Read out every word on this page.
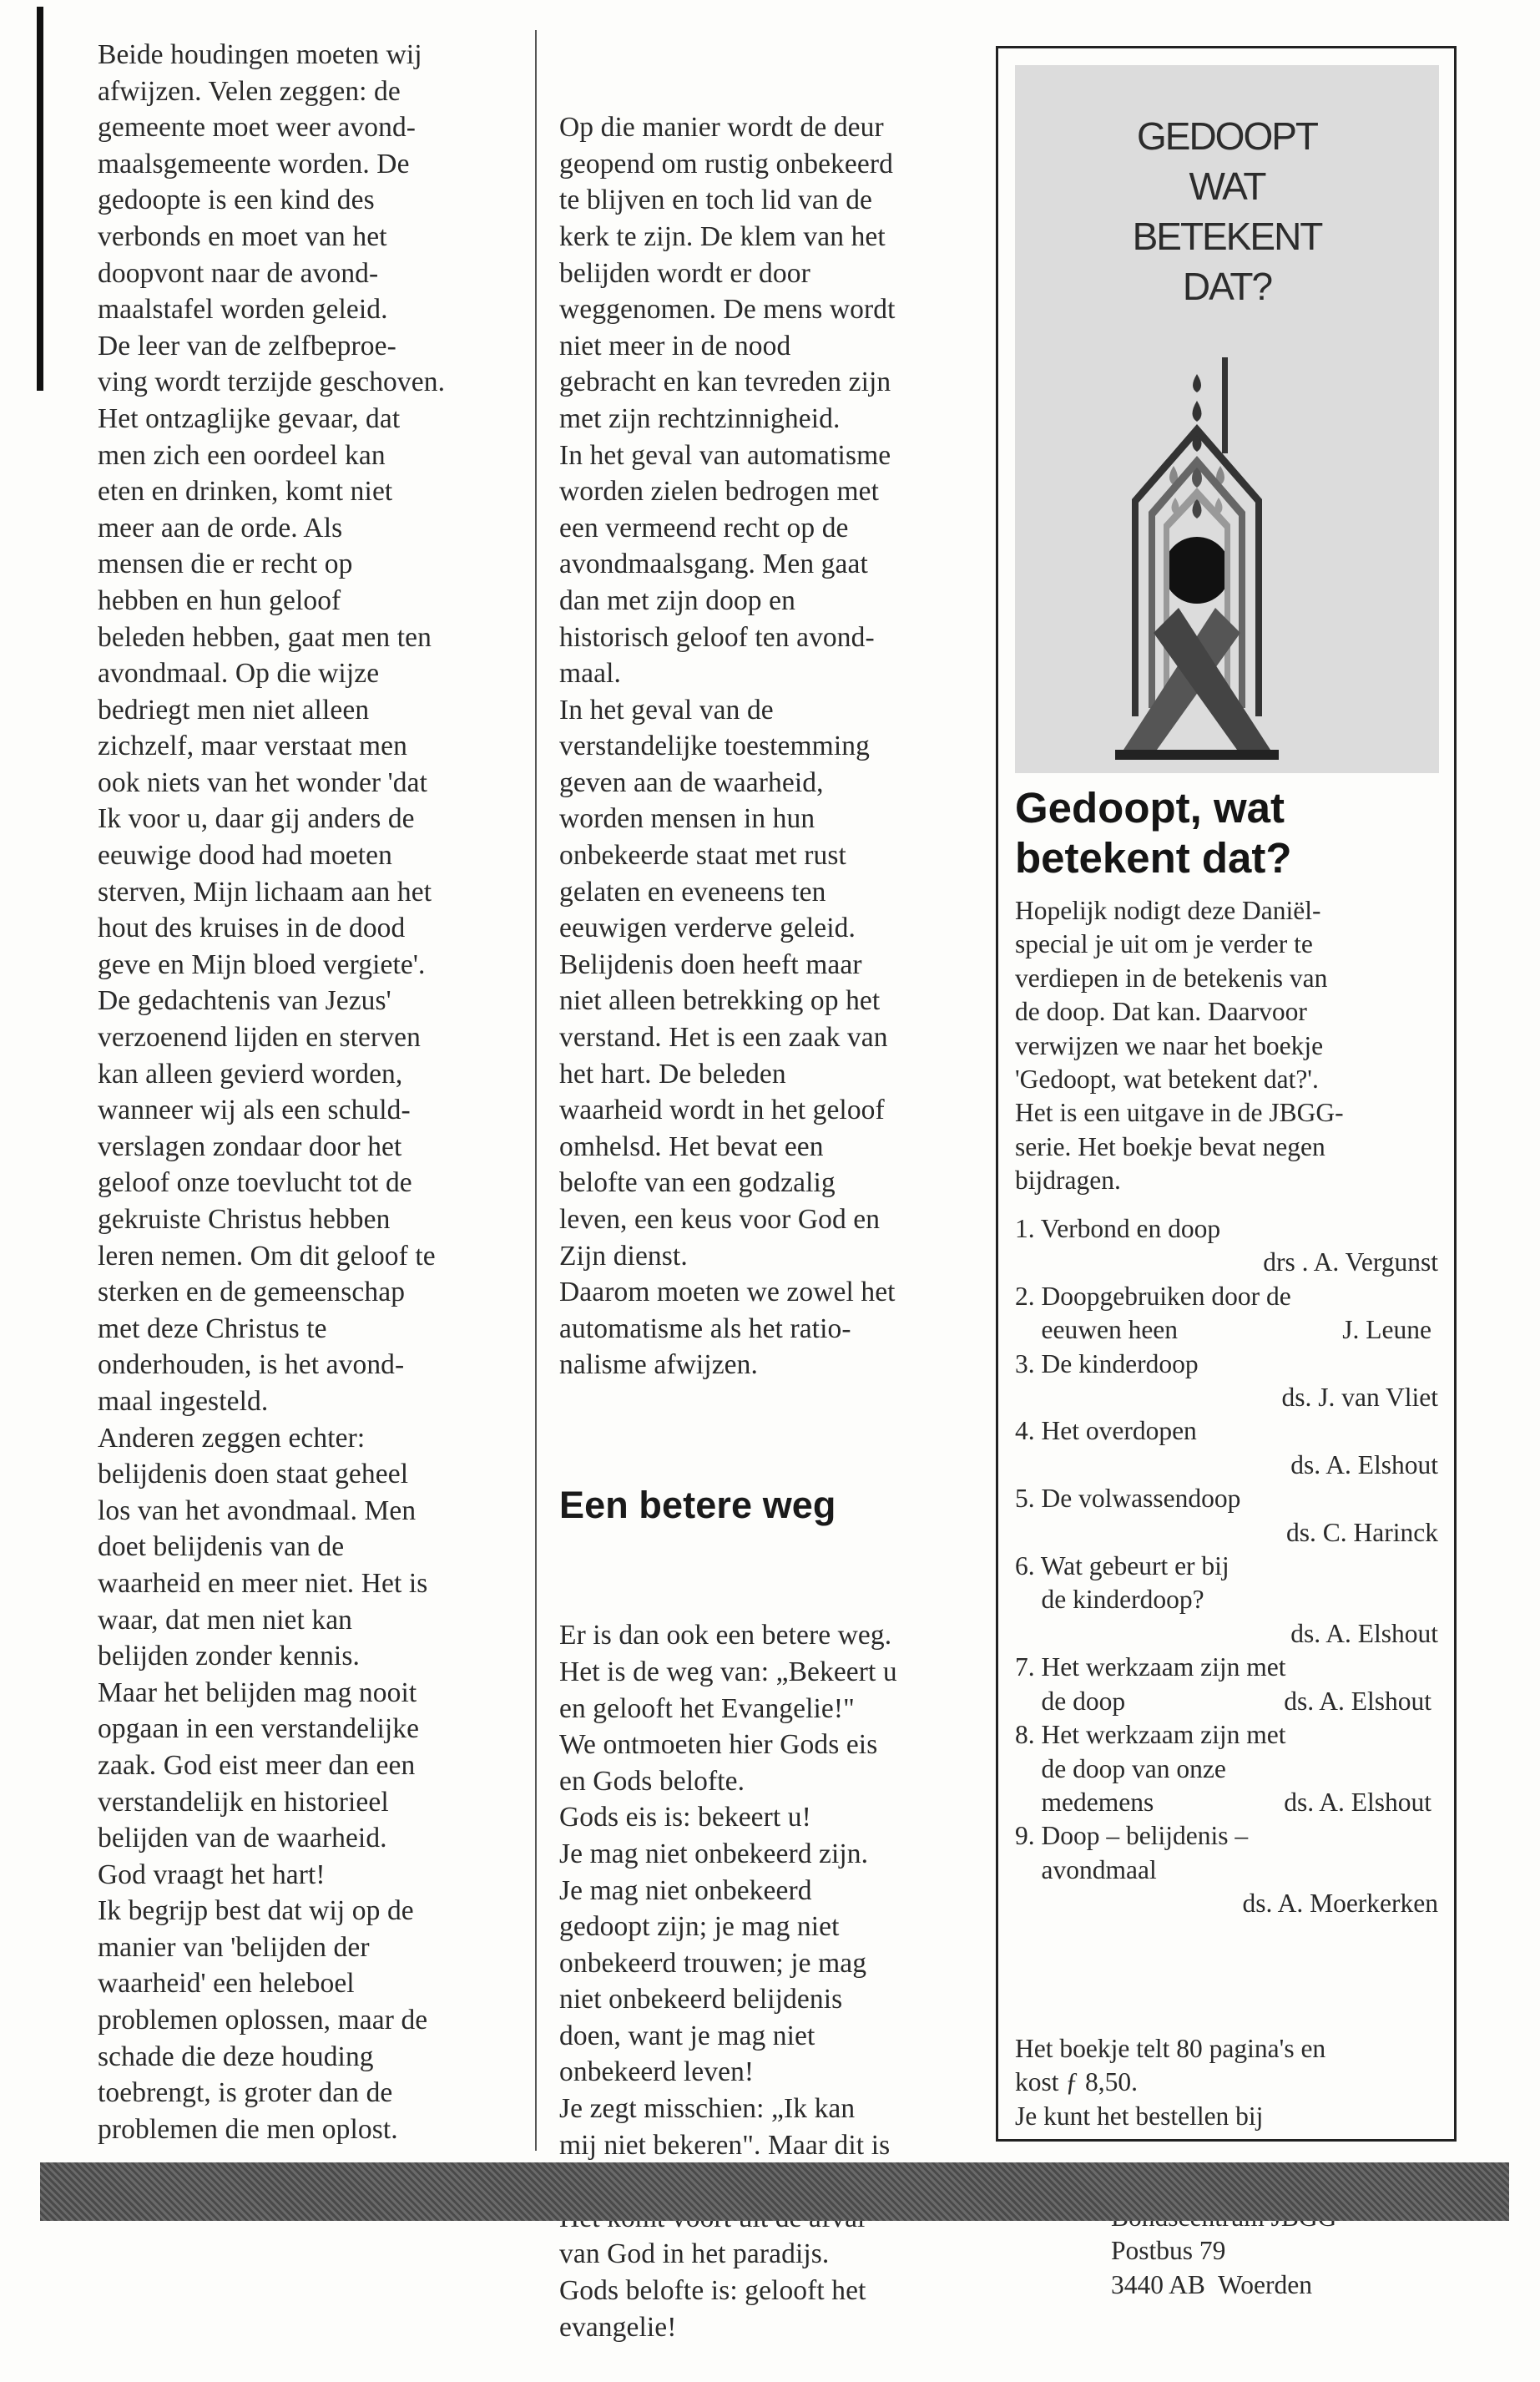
Beide houdingen moeten wij
afwijzen. Velen zeggen: de
gemeente moet weer avond-
maalsgemeente worden. De
gedoopte is een kind des
verbonds en moet van het
doopvont naar de avond-
maalstafel worden geleid.
De leer van de zelfbeproe-
ving wordt terzijde geschoven.
Het ontzaglijke gevaar, dat
men zich een oordeel kan
eten en drinken, komt niet
meer aan de orde. Als
mensen die er recht op
hebben en hun geloof
beleden hebben, gaat men ten
avondmaal. Op die wijze
bedriegt men niet alleen
zichzelf, maar verstaat men
ook niets van het wonder 'dat
Ik voor u, daar gij anders de
eeuwige dood had moeten
sterven, Mijn lichaam aan het
hout des kruises in de dood
geve en Mijn bloed vergiete'.
De gedachtenis van Jezus'
verzoenend lijden en sterven
kan alleen gevierd worden,
wanneer wij als een schuld-
verslagen zondaar door het
geloof onze toevlucht tot de
gekruiste Christus hebben
leren nemen. Om dit geloof te
sterken en de gemeenschap
met deze Christus te
onderhouden, is het avond-
maal ingesteld.
Anderen zeggen echter:
belijdenis doen staat geheel
los van het avondmaal. Men
doet belijdenis van de
waarheid en meer niet. Het is
waar, dat men niet kan
belijden zonder kennis.
Maar het belijden mag nooit
opgaan in een verstandelijke
zaak. God eist meer dan een
verstandelijk en historieel
belijden van de waarheid.
God vraagt het hart!
Ik begrijp best dat wij op de
manier van 'belijden der
waarheid' een heleboel
problemen oplossen, maar de
schade die deze houding
toebrengt, is groter dan de
problemen die men oplost.

Op die manier wordt de deur
geopend om rustig onbekeerd
te blijven en toch lid van de
kerk te zijn. De klem van het
belijden wordt er door
weggenomen. De mens wordt
niet meer in de nood
gebracht en kan tevreden zijn
met zijn rechtzinnigheid.
In het geval van automatisme
worden zielen bedrogen met
een vermeend recht op de
avondmaalsgang. Men gaat
dan met zijn doop en
historisch geloof ten avond-
maal.
In het geval van de
verstandelijke toestemming
geven aan de waarheid,
worden mensen in hun
onbekeerde staat met rust
gelaten en eveneens ten
eeuwigen verderve geleid.
Belijdenis doen heeft maar
niet alleen betrekking op het
verstand. Het is een zaak van
het hart. De beleden
waarheid wordt in het geloof
omhelsd. Het bevat een
belofte van een godzalig
leven, een keus voor God en
Zijn dienst.
Daarom moeten we zowel het
automatisme als het ratio-
nalisme afwijzen.

Een betere weg

Er is dan ook een betere weg.
Het is de weg van: „Bekeert u
en gelooft het Evangelie!"
We ontmoeten hier Gods eis
en Gods belofte.
Gods eis is: bekeert u!
Je mag niet onbekeerd zijn.
Je mag niet onbekeerd
gedoopt zijn; je mag niet
onbekeerd trouwen; je mag
niet onbekeerd belijdenis
doen, want je mag niet
onbekeerd leven!
Je zegt misschien: „Ik kan
mij niet bekeren". Maar dit is

van God in het paradijs.
Gods belofte is: gelooft het
evangelie!

GEDOOPT
WAT
BETEKENT
DAT?
Gedoopt, wat
betekent dat?
Hopelijk nodigt deze Daniël-
special je uit om je verder te
verdiepen in de betekenis van
de doop. Dat kan. Daarvoor
verwijzen we naar het boekje
'Gedoopt, wat betekent dat?'.
Het is een uitgave in de JBGG-
serie. Het boekje bevat negen
bijdragen.
1. Verbond en doop
drs . A. Vergunst
2. Doopgebruiken door de
eeuwen heen	J. Leune
3. De kinderdoop
ds. J. van Vliet
4. Het overdopen
ds. A. Elshout
5. De volwassendoop
ds. C. Harinck
6. Wat gebeurt er bij
de kinderdoop?
ds. A. Elshout
7. Het werkzaam zijn met
de doop	ds. A. Elshout
8. Het werkzaam zijn met
de doop van onze
medemens	ds. A. Elshout
9. Doop – belijdenis –
avondmaal
ds. A. Moerkerken

Het boekje telt 80 pagina's en
kost ƒ 8,50.
Je kunt het bestellen bij

Postbus 79
3440 AB  Woerden
